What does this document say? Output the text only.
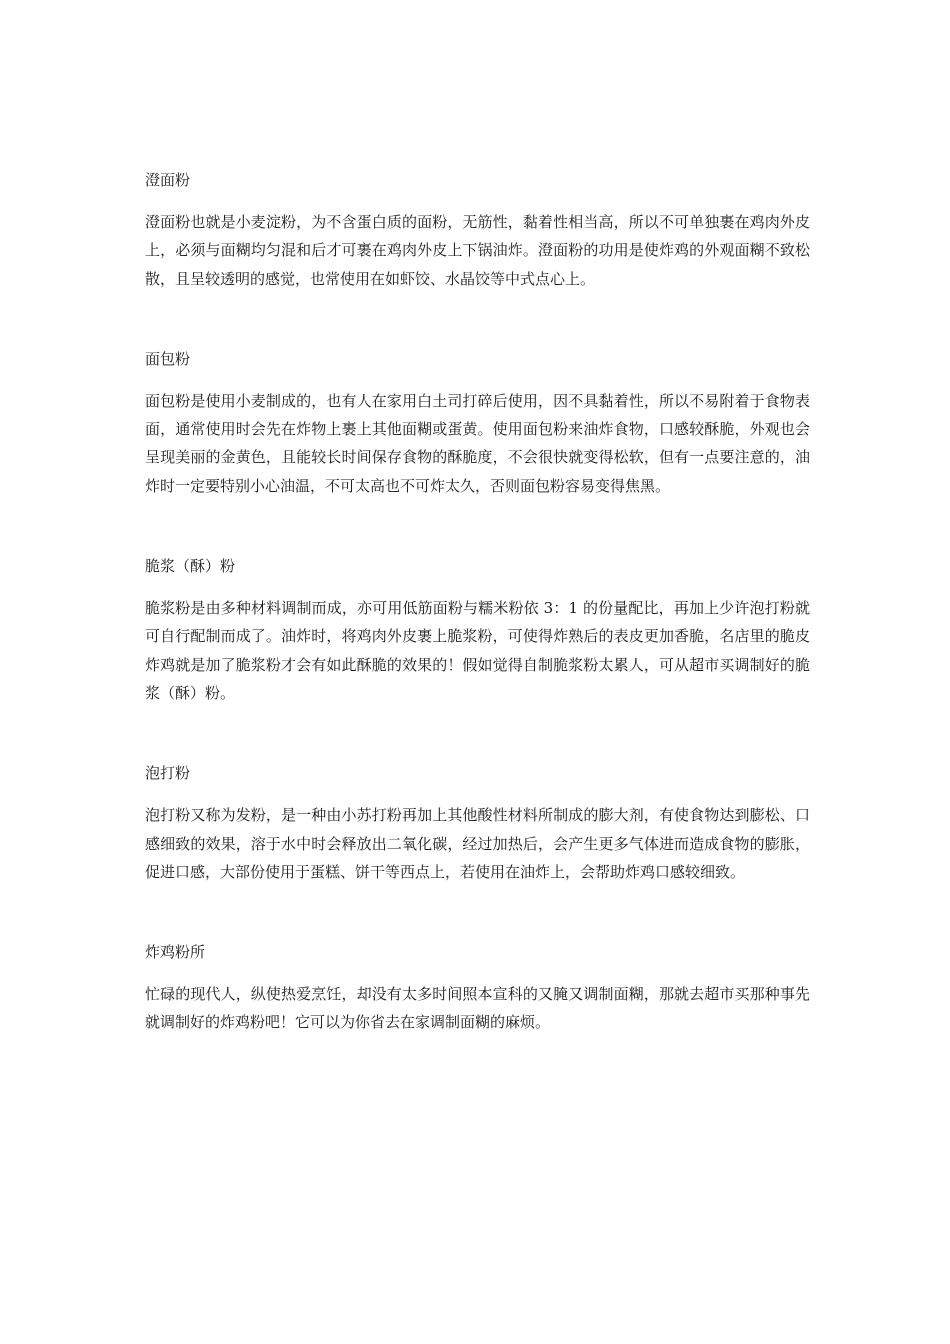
澄面粉

澄面粉也就是小麦淀粉，为不含蛋白质的面粉，无筋性，黏着性相当高，所以不可单独裹在鸡肉外皮上，必须与面糊均匀混和后才可裹在鸡肉外皮上下锅油炸。澄面粉的功用是使炸鸡的外观面糊不致松散，且呈较透明的感觉，也常使用在如虾饺、水晶饺等中式点心上。

面包粉

面包粉是使用小麦制成的，也有人在家用白土司打碎后使用，因不具黏着性，所以不易附着于食物表面，通常使用时会先在炸物上裹上其他面糊或蛋黄。使用面包粉来油炸食物，口感较酥脆，外观也会呈现美丽的金黄色，且能较长时间保存食物的酥脆度，不会很快就变得松软，但有一点要注意的，油炸时一定要特别小心油温，不可太高也不可炸太久，否则面包粉容易变得焦黑。

脆浆（酥）粉

脆浆粉是由多种材料调制而成，亦可用低筋面粉与糯米粉依 3：1 的份量配比，再加上少许泡打粉就可自行配制而成了。油炸时，将鸡肉外皮裹上脆浆粉，可使得炸熟后的表皮更加香脆，名店里的脆皮炸鸡就是加了脆浆粉才会有如此酥脆的效果的！假如觉得自制脆浆粉太累人，可从超市买调制好的脆浆（酥）粉。

泡打粉

泡打粉又称为发粉，是一种由小苏打粉再加上其他酸性材料所制成的膨大剂，有使食物达到膨松、口感细致的效果，溶于水中时会释放出二氧化碳，经过加热后，会产生更多气体进而造成食物的膨胀，促进口感，大部份使用于蛋糕、饼干等西点上，若使用在油炸上，会帮助炸鸡口感较细致。

炸鸡粉所

忙碌的现代人，纵使热爱烹饪，却没有太多时间照本宣科的又腌又调制面糊，那就去超市买那种事先就调制好的炸鸡粉吧！它可以为你省去在家调制面糊的麻烦。
